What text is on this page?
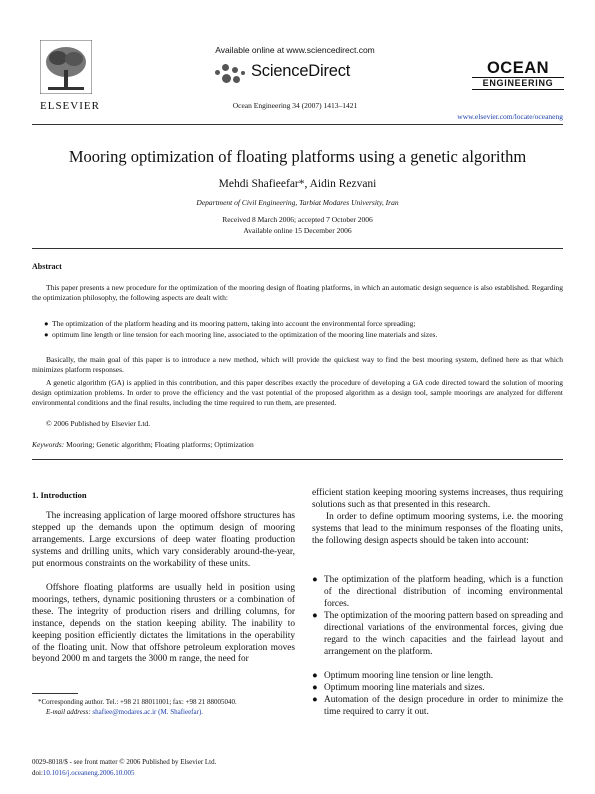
ELSEVIER
Available online at www.sciencedirect.com
ScienceDirect
Ocean Engineering 34 (2007) 1413–1421
OCEAN
ENGINEERING
www.elsevier.com/locate/oceaneng
Mooring optimization of floating platforms using a genetic algorithm
Mehdi Shafieefar*, Aidin Rezvani
Department of Civil Engineering, Tarbiat Modares University, Iran
Received 8 March 2006; accepted 7 October 2006
Available online 15 December 2006
Abstract
This paper presents a new procedure for the optimization of the mooring design of floating platforms, in which an automatic design sequence is also established. Regarding the optimization philosophy, the following aspects are dealt with:
● The optimization of the platform heading and its mooring pattern, taking into account the environmental force spreading;
● optimum line length or line tension for each mooring line, associated to the optimization of the mooring line materials and sizes.
Basically, the main goal of this paper is to introduce a new method, which will provide the quickest way to find the best mooring system, defined here as that which minimizes platform responses.
A genetic algorithm (GA) is applied in this contribution, and this paper describes exactly the procedure of developing a GA code directed toward the solution of mooring design optimization problems. In order to prove the efficiency and the vast potential of the proposed algorithm as a design tool, sample moorings are analyzed for different environmental conditions and the final results, including the time required to run them, are presented.
© 2006 Published by Elsevier Ltd.
Keywords: Mooring; Genetic algorithm; Floating platforms; Optimization
1. Introduction
The increasing application of large moored offshore structures has stepped up the demands upon the optimum design of mooring arrangements. Large excursions of deep water floating production systems and drilling units, which vary considerably around-the-year, put enormous constraints on the workability of these units.
Offshore floating platforms are usually held in position using moorings, tethers, dynamic positioning thrusters or a combination of these. The integrity of production risers and drilling columns, for instance, depends on the station keeping ability. The inability to keeping position efficiently dictates the limitations in the operability of the floating unit. Now that offshore petroleum exploration moves beyond 2000 m and targets the 3000 m range, the need for
efficient station keeping mooring systems increases, thus requiring solutions such as that presented in this research.
In order to define optimum mooring systems, i.e. the mooring systems that lead to the minimum responses of the floating units, the following design aspects should be taken into account:
● The optimization of the platform heading, which is a function of the directional distribution of incoming environmental forces.
● The optimization of the mooring pattern based on spreading and directional variations of the environmental forces, giving due regard to the winch capacities and the fairlead layout and arrangement on the platform.
● Optimum mooring line tension or line length.
● Optimum mooring line materials and sizes.
● Automation of the design procedure in order to minimize the time required to carry it out.
*Corresponding author. Tel.: +98 21 88011001; fax: +98 21 88005040.
E-mail address: shafiee@modares.ac.ir (M. Shafieefar).
0029-8018/$ - see front matter © 2006 Published by Elsevier Ltd.
doi:10.1016/j.oceaneng.2006.10.005
